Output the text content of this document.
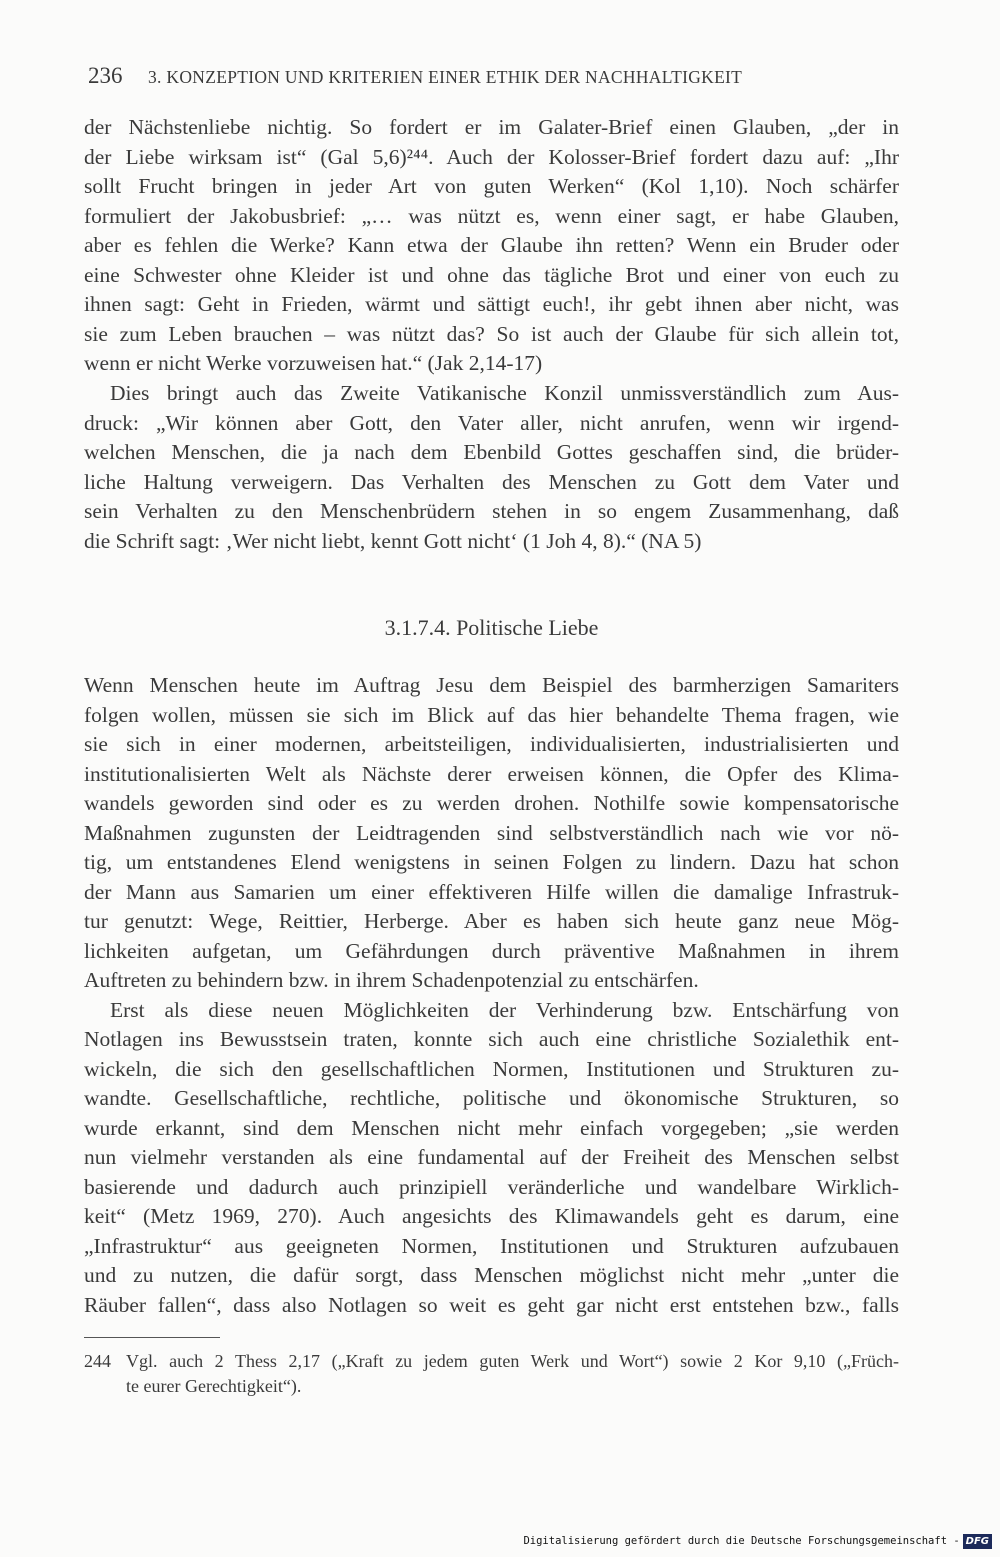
236 3. KONZEPTION UND KRITERIEN EINER ETHIK DER NACHHALTIGKEIT
der Nächstenliebe nichtig. So fordert er im Galater-Brief einen Glauben, „der in
der Liebe wirksam ist“ (Gal 5,6)²⁴⁴. Auch der Kolosser-Brief fordert dazu auf: „Ihr
sollt Frucht bringen in jeder Art von guten Werken“ (Kol 1,10). Noch schärfer
formuliert der Jakobusbrief: „… was nützt es, wenn einer sagt, er habe Glauben,
aber es fehlen die Werke? Kann etwa der Glaube ihn retten? Wenn ein Bruder oder
eine Schwester ohne Kleider ist und ohne das tägliche Brot und einer von euch zu
ihnen sagt: Geht in Frieden, wärmt und sättigt euch!, ihr gebt ihnen aber nicht, was
sie zum Leben brauchen – was nützt das? So ist auch der Glaube für sich allein tot,
wenn er nicht Werke vorzuweisen hat.“ (Jak 2,14-17)
Dies bringt auch das Zweite Vatikanische Konzil unmissverständlich zum Aus-
druck: „Wir können aber Gott, den Vater aller, nicht anrufen, wenn wir irgend-
welchen Menschen, die ja nach dem Ebenbild Gottes geschaffen sind, die brüder-
liche Haltung verweigern. Das Verhalten des Menschen zu Gott dem Vater und
sein Verhalten zu den Menschenbrüdern stehen in so engem Zusammenhang, daß
die Schrift sagt: ‚Wer nicht liebt, kennt Gott nicht‘ (1 Joh 4, 8).“ (NA 5)
3.1.7.4. Politische Liebe
Wenn Menschen heute im Auftrag Jesu dem Beispiel des barmherzigen Samariters
folgen wollen, müssen sie sich im Blick auf das hier behandelte Thema fragen, wie
sie sich in einer modernen, arbeitsteiligen, individualisierten, industrialisierten und
institutionalisierten Welt als Nächste derer erweisen können, die Opfer des Klima-
wandels geworden sind oder es zu werden drohen. Nothilfe sowie kompensatorische
Maßnahmen zugunsten der Leidtragenden sind selbstverständlich nach wie vor nö-
tig, um entstandenes Elend wenigstens in seinen Folgen zu lindern. Dazu hat schon
der Mann aus Samarien um einer effektiveren Hilfe willen die damalige Infrastruk-
tur genutzt: Wege, Reittier, Herberge. Aber es haben sich heute ganz neue Mög-
lichkeiten aufgetan, um Gefährdungen durch präventive Maßnahmen in ihrem
Auftreten zu behindern bzw. in ihrem Schadenpotenzial zu entschärfen.
Erst als diese neuen Möglichkeiten der Verhinderung bzw. Entschärfung von
Notlagen ins Bewusstsein traten, konnte sich auch eine christliche Sozialethik ent-
wickeln, die sich den gesellschaftlichen Normen, Institutionen und Strukturen zu-
wandte. Gesellschaftliche, rechtliche, politische und ökonomische Strukturen, so
wurde erkannt, sind dem Menschen nicht mehr einfach vorgegeben; „sie werden
nun vielmehr verstanden als eine fundamental auf der Freiheit des Menschen selbst
basierende und dadurch auch prinzipiell veränderliche und wandelbare Wirklich-
keit“ (Metz 1969, 270). Auch angesichts des Klimawandels geht es darum, eine
„Infrastruktur“ aus geeigneten Normen, Institutionen und Strukturen aufzubauen
und zu nutzen, die dafür sorgt, dass Menschen möglichst nicht mehr „unter die
Räuber fallen“, dass also Notlagen so weit es geht gar nicht erst entstehen bzw., falls
244 Vgl. auch 2 Thess 2,17 („Kraft zu jedem guten Werk und Wort“) sowie 2 Kor 9,10 („Früch-
te eurer Gerechtigkeit“).
Digitalisierung gefördert durch die Deutsche Forschungsgemeinschaft - DFG
